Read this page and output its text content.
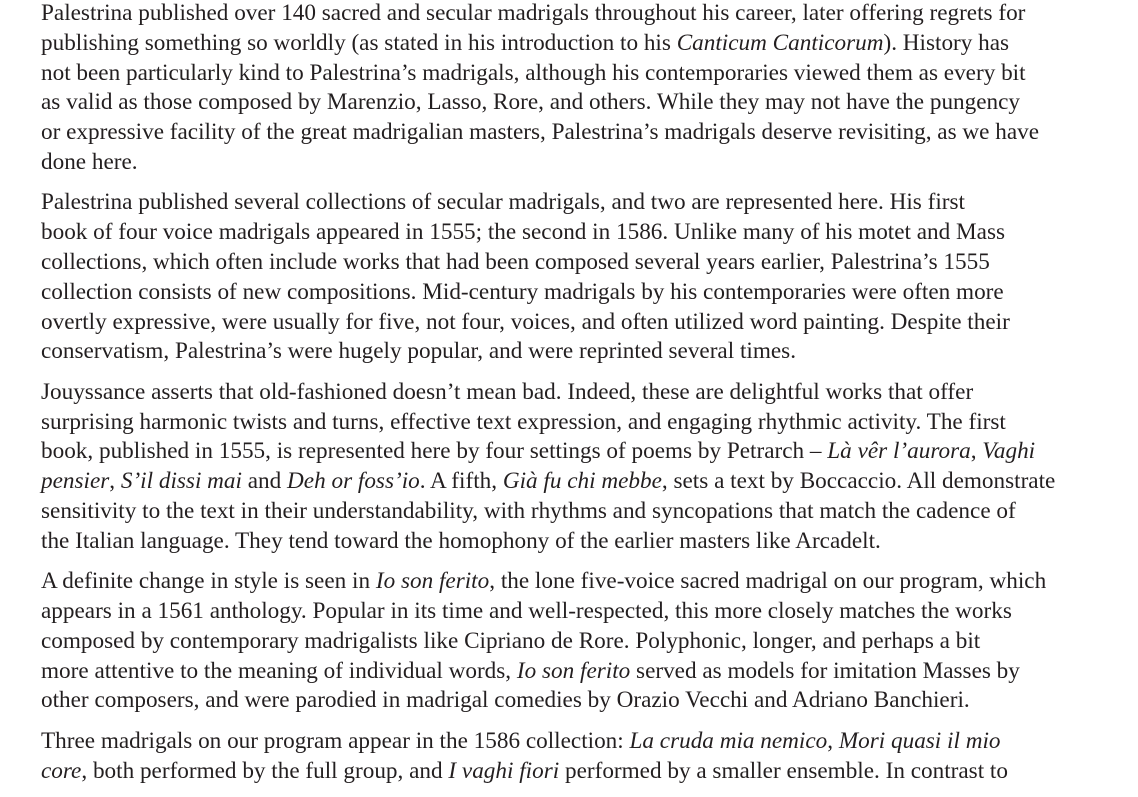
Palestrina published over 140 sacred and secular madrigals throughout his career, later offering regrets for
publishing something so worldly (as stated in his introduction to his Canticum Canticorum). History has
not been particularly kind to Palestrina’s madrigals, although his contemporaries viewed them as every bit
as valid as those composed by Marenzio, Lasso, Rore, and others. While they may not have the pungency
or expressive facility of the great madrigalian masters, Palestrina’s madrigals deserve revisiting, as we have
done here.

Palestrina published several collections of secular madrigals, and two are represented here. His first
book of four voice madrigals appeared in 1555; the second in 1586. Unlike many of his motet and Mass
collections, which often include works that had been composed several years earlier, Palestrina’s 1555
collection consists of new compositions. Mid-century madrigals by his contemporaries were often more
overtly expressive, were usually for five, not four, voices, and often utilized word painting. Despite their
conservatism, Palestrina’s were hugely popular, and were reprinted several times.

Jouyssance asserts that old-fashioned doesn’t mean bad. Indeed, these are delightful works that offer
surprising harmonic twists and turns, effective text expression, and engaging rhythmic activity. The first
book, published in 1555, is represented here by four settings of poems by Petrarch – Là vêr l’aurora, Vaghi
pensier, S’il dissi mai and Deh or foss’io. A fifth, Già fu chi mebbe, sets a text by Boccaccio. All demonstrate
sensitivity to the text in their understandability, with rhythms and syncopations that match the cadence of
the Italian language. They tend toward the homophony of the earlier masters like Arcadelt.

A definite change in style is seen in Io son ferito, the lone five-voice sacred madrigal on our program, which
appears in a 1561 anthology. Popular in its time and well-respected, this more closely matches the works
composed by contemporary madrigalists like Cipriano de Rore. Polyphonic, longer, and perhaps a bit
more attentive to the meaning of individual words, Io son ferito served as models for imitation Masses by
other composers, and were parodied in madrigal comedies by Orazio Vecchi and Adriano Banchieri.

Three madrigals on our program appear in the 1586 collection: La cruda mia nemico, Mori quasi il mio
core, both performed by the full group, and I vaghi fiori performed by a smaller ensemble. In contrast to
